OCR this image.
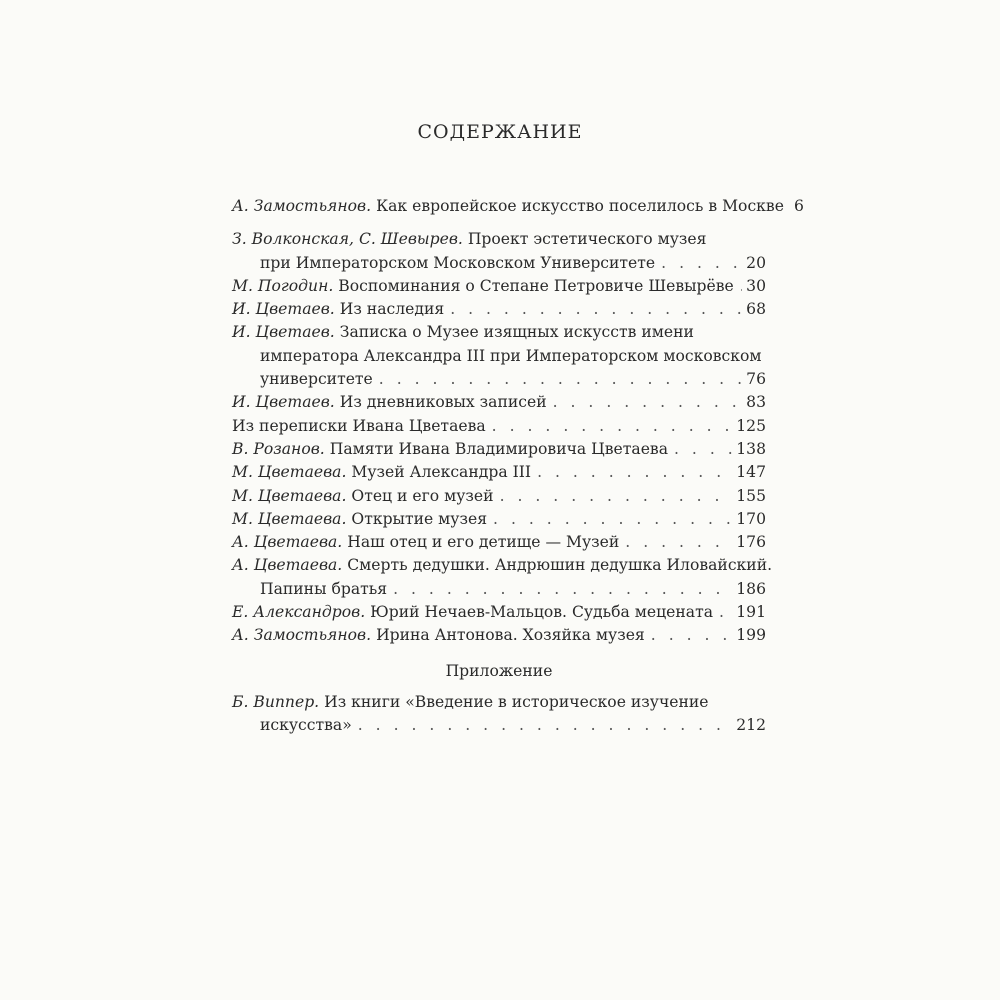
СОДЕРЖАНИЕ
А. Замостьянов. Как европейское искусство поселилось в Москве 6
З. Волконская, С. Шевырев. Проект эстетического музея
при Императорском Московском Университете . . .	20
М. Погодин. Воспоминания о Степане Петровиче Шевырёве . . . 30
И. Цветаев. Из наследия . . .	68
И. Цветаев. Записка о Музее изящных искусств имени
императора Александра III при Императорском московском
университете . . .	76
И. Цветаев. Из дневниковых записей . . .	83
Из переписки Ивана Цветаева . . .	125
В. Розанов. Памяти Ивана Владимировича Цветаева . . .	138
М. Цветаева. Музей Александра III . . .	147
М. Цветаева. Отец и его музей . . .	155
М. Цветаева. Открытие музея . . .	170
А. Цветаева. Наш отец и его детище — Музей . . .	176
А. Цветаева. Смерть дедушки. Андрюшин дедушка Иловайский.
Папины братья . . .	186
Е. Александров. Юрий Нечаев-Мальцов. Судьба мецената . . . 191
А. Замостьянов. Ирина Антонова. Хозяйка музея . . .	199
Приложение
Б. Виппер. Из книги «Введение в историческое изучение
искусства» . . .	212
